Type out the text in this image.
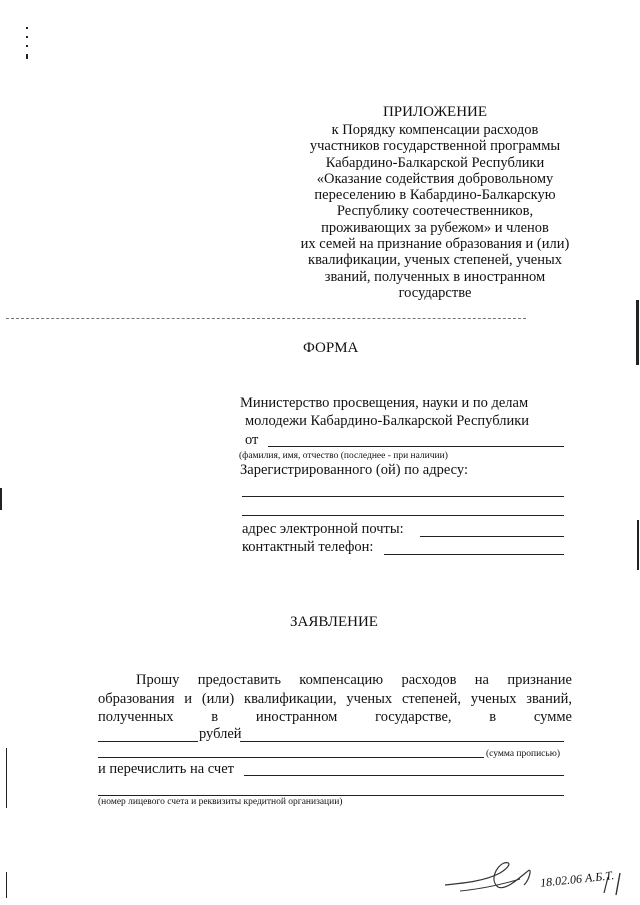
ПРИЛОЖЕНИЕ
к Порядку компенсации расходов
участников государственной программы
Кабардино-Балкарской Республики
«Оказание содействия добровольному
переселению в Кабардино-Балкарскую
Республику соотечественников,
проживающих за рубежом» и членов
их семей на признание образования и (или)
квалификации, ученых степеней, ученых
званий, полученных в иностранном
государстве
ФОРМА
Министерство просвещения, науки и по делам
молодежи Кабардино-Балкарской Республики
от
(фамилия, имя, отчество (последнее - при наличии)
Зарегистрированного (ой) по адресу:
адрес электронной почты:
контактный телефон:
ЗАЯВЛЕНИЕ
Прошу предоставить компенсацию расходов на признание
образования и (или) квалификации, ученых степеней, ученых званий,
полученных в иностранном государстве, в сумме
рублей
(сумма прописью)
и перечислить на счет
(номер лицевого счета и реквизиты кредитной организации)
18.02.06 А.Б.Т.
